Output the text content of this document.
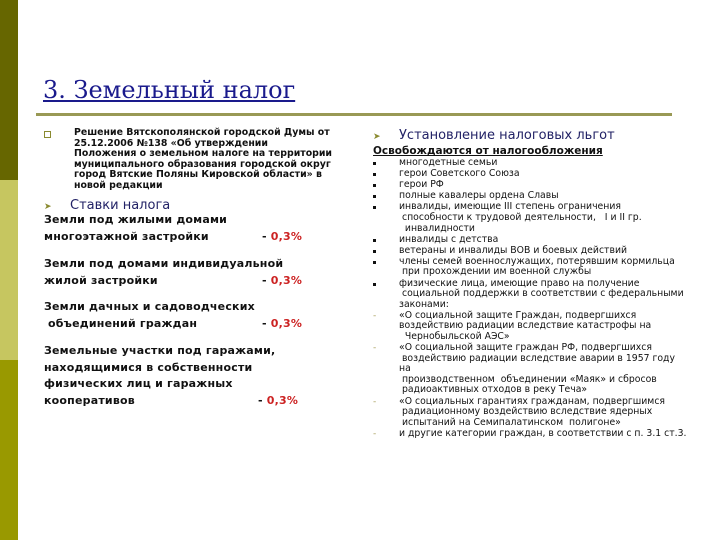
3. Земельный налог
Решение Вятскополянской городской Думы от
25.12.2006 №138 «Об утверждении
Положения о земельном налоге на территории
муниципального образования городской округ
город Вятские Поляны Кировской области» в
новой редакции
➤ Ставки налога
Земли под жилыми домами
многоэтажной застройки	- 0,3%
Земли под домами индивидуальной
жилой застройки	- 0,3%
Земли дачных и садоводческих
объединений граждан	- 0,3%
Земельные участки под гаражами,
находящимися в собственности
физических лиц и гаражных
кооперативов	- 0,3%
➤ Установление налоговых льгот
Освобождаются от налогообложения
многодетные семьи
герои Советского Союза
герои РФ
полные кавалеры ордена Славы
инвалиды, имеющие III степень ограничения
способности к трудовой деятельности,   I и II гр.
инвалидности
инвалиды с детства
ветераны и инвалиды ВОВ и боевых действий
члены семей военнослужащих, потерявшим кормильца
при прохождении им военной службы
физические лица, имеющие право на получение
социальной поддержки в соответствии с федеральными
законами:
- «О социальной защите Граждан, подвергшихся
воздействию радиации вследствие катастрофы на
Чернобыльской АЭС»
- «О социальной защите граждан РФ, подвергшихся
воздействию радиации вследствие аварии в 1957 году
на
производственном  объединении «Маяк» и сбросов
радиоактивных отходов в реку Теча»
- «О социальных гарантиях гражданам, подвергшимся
радиационному воздействию вследствие ядерных
испытаний на Семипалатинском  полигоне»
- и другие категории граждан, в соответствии с п. 3.1 ст.3.
